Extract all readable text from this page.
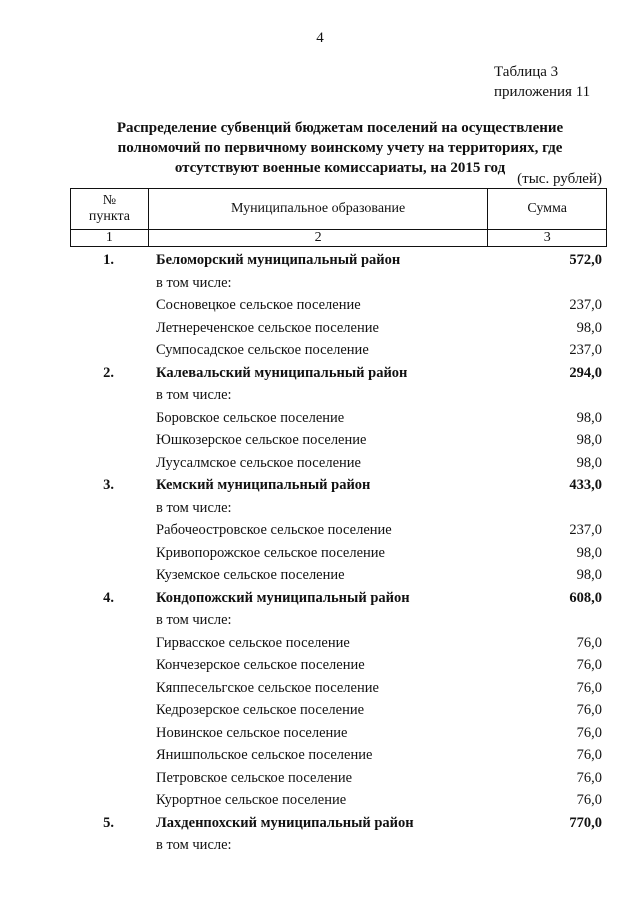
4
Таблица 3
приложения 11
Распределение субвенций бюджетам поселений на осуществление
полномочий по первичному воинскому учету на территориях, где
отсутствуют военные комиссариаты, на 2015 год
(тыс. рублей)
№
пункта	Муниципальное образование	Сумма
1	2	3
1.	Беломорский муниципальный район	572,0
в том числе:
Сосновецкое сельское поселение	237,0
Летнереченское сельское поселение	98,0
Сумпосадское сельское поселение	237,0
2.	Калевальский муниципальный район	294,0
в том числе:
Боровское сельское поселение	98,0
Юшкозерское сельское поселение	98,0
Луусалмское сельское поселение	98,0
3.	Кемский муниципальный район	433,0
в том числе:
Рабочеостровское сельское поселение	237,0
Кривопорожское сельское поселение	98,0
Куземское сельское поселение	98,0
4.	Кондопожский муниципальный район	608,0
в том числе:
Гирвасское сельское поселение	76,0
Кончезерское сельское поселение	76,0
Кяппесельгское сельское поселение	76,0
Кедрозерское сельское поселение	76,0
Новинское сельское поселение	76,0
Янишпольское сельское поселение	76,0
Петровское сельское поселение	76,0
Курортное сельское поселение	76,0
5.	Лахденпохский муниципальный район	770,0
в том числе:
